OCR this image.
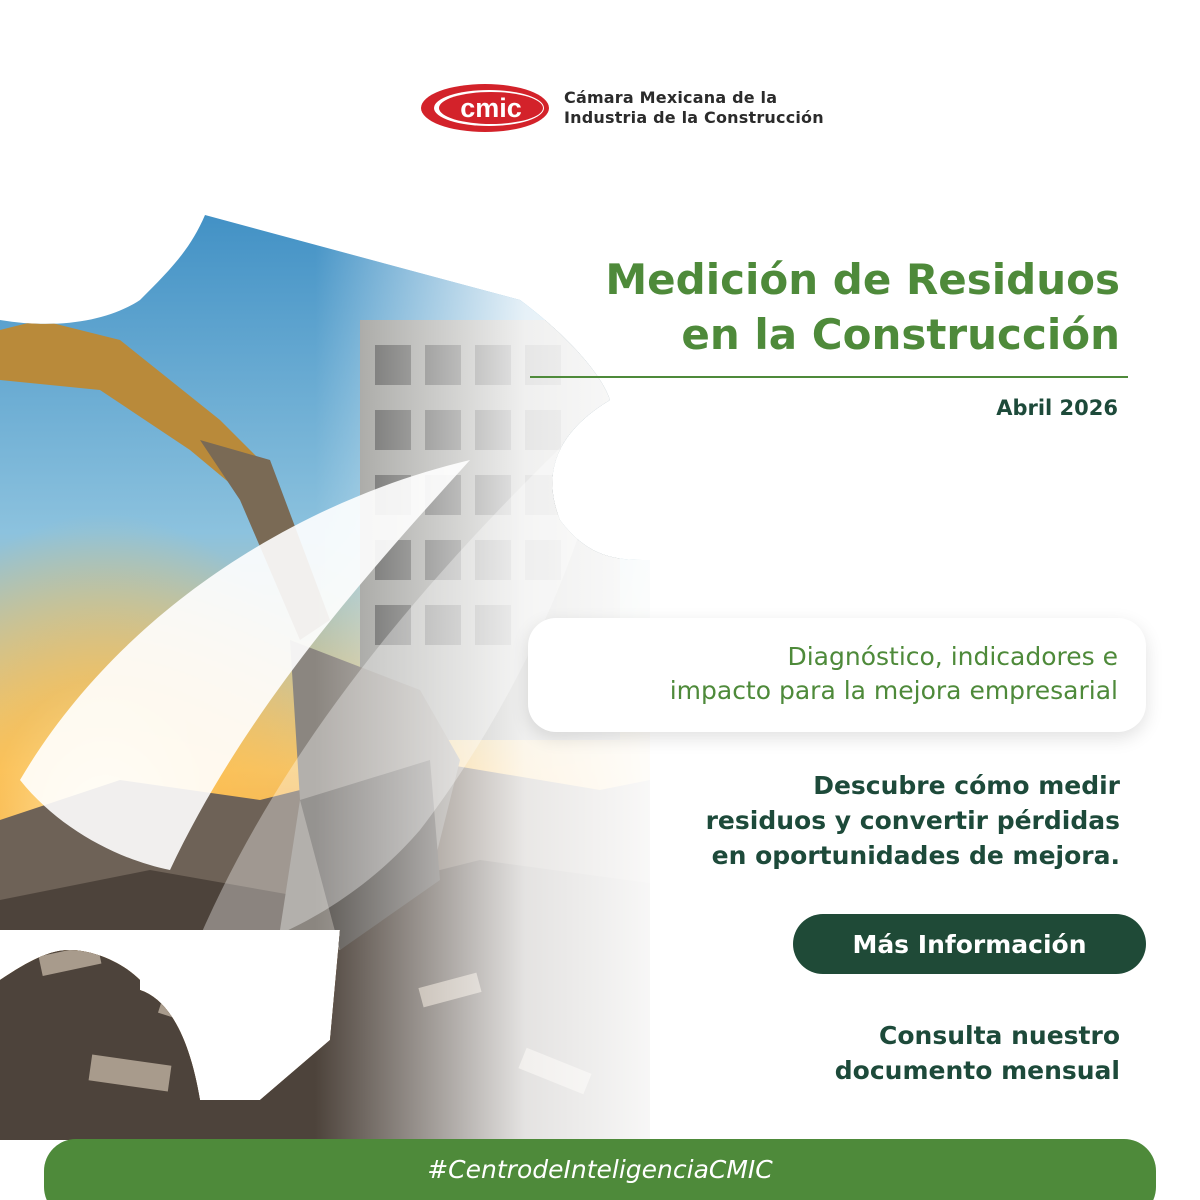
cmic	Cámara Mexicana de la
Industria de la Construcción
Medición de Residuos
en la Construcción
Abril 2026
Diagnóstico, indicadores e
impacto para la mejora empresarial
Descubre cómo medir
residuos y convertir pérdidas
en oportunidades de mejora.
Más Información
Consulta nuestro
documento mensual
#CentrodeInteligenciaCMIC
